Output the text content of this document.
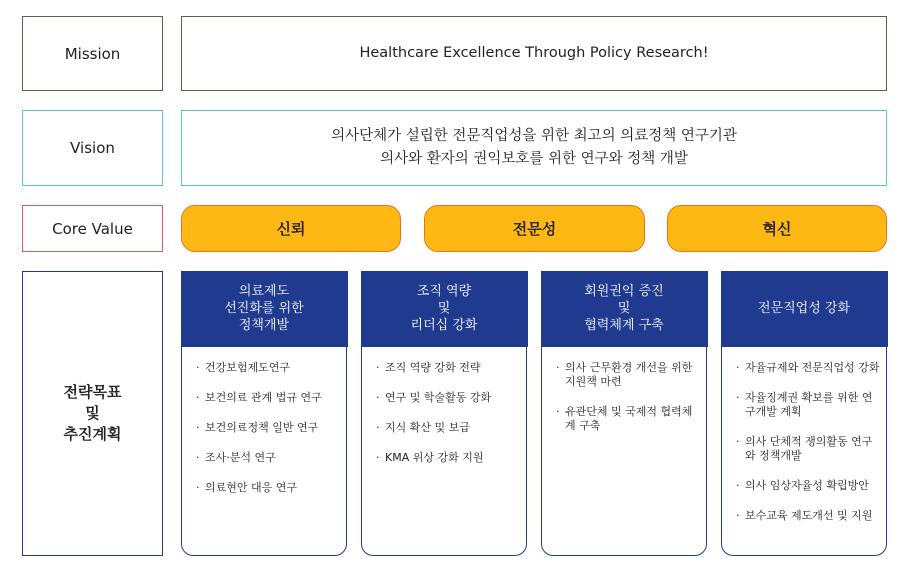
Mission	Healthcare Excellence Through Policy Research!
Vision
의사단체가 설립한 전문직업성을 위한 최고의 의료정책 연구기관
의사와 환자의 권익보호를 위한 연구와 정책 개발
Core Value	신뢰	전문성	혁신
전략목표
및
추진계획
의료제도
선진화를 위한
정책개발
· 건강보험제도연구
· 보건의료 관계 법규 연구
· 보건의료정책 일반 연구
· 조사·분석 연구
· 의료현안 대응 연구
조직 역량
및
리더십 강화
· 조직 역량 강화 전략
· 연구 및 학술활동 강화
· 지식 확산 및 보급
· KMA 위상 강화 지원
회원권익 증진
및
협력체계 구축
· 의사 근무환경 개선을 위한 지원책 마련
· 유관단체 및 국제적 협력체계 구축
전문직업성 강화
· 자율규제와 전문직업성 강화
· 자율징계권 확보를 위한 연구개발 계획
· 의사 단체적 쟁의활동 연구와 정책개발
· 의사 임상자율성 확립방안
· 보수교육 제도개선 및 지원
